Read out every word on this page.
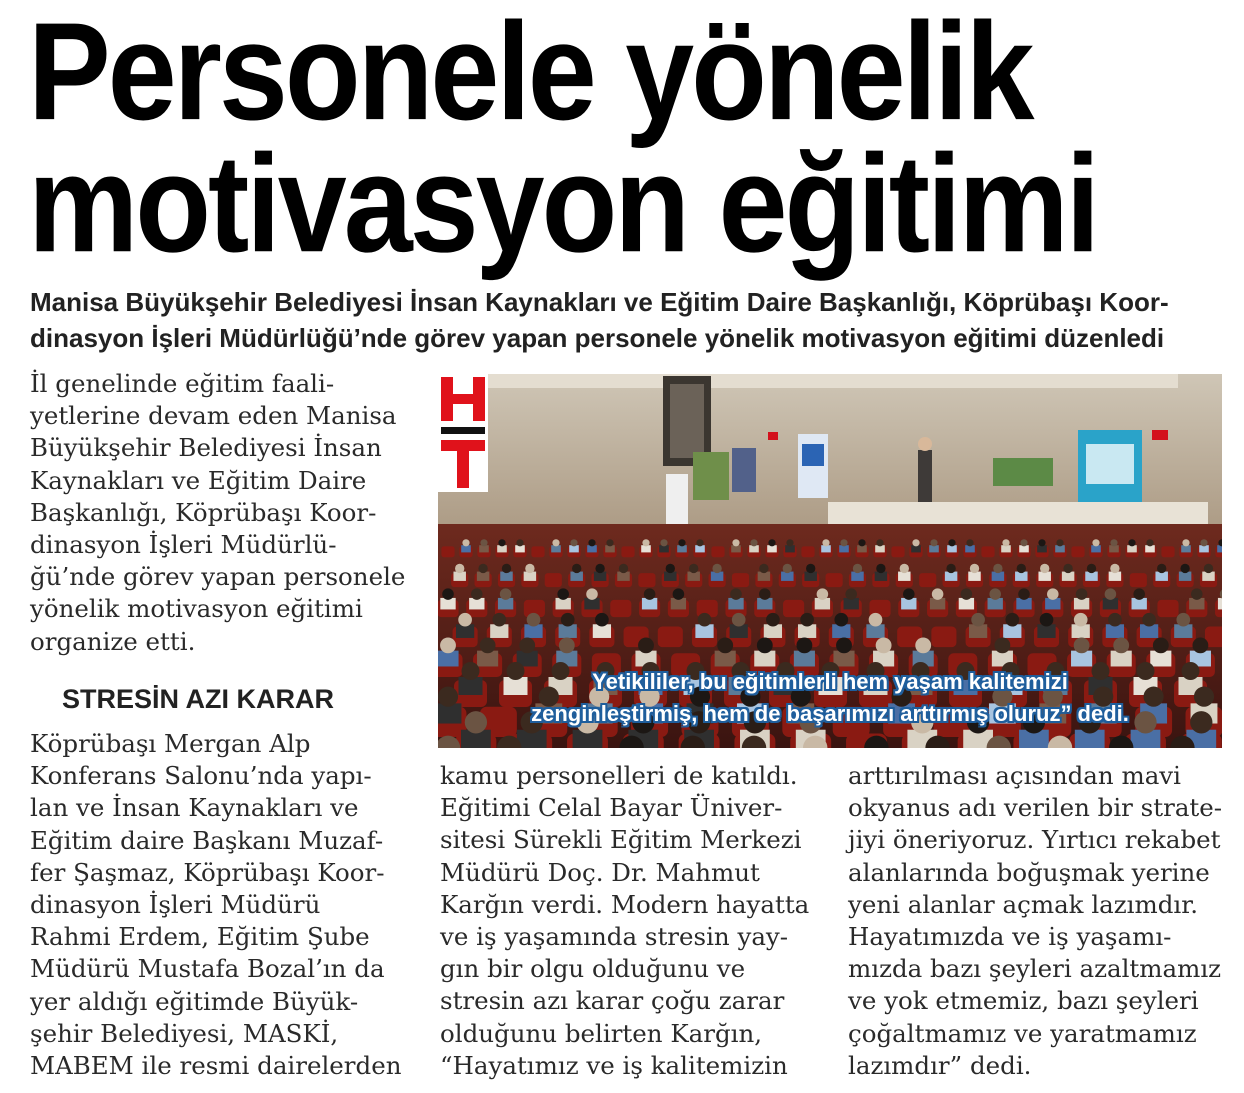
Personele yönelik
motivasyon eğitimi
Manisa Büyükşehir Belediyesi İnsan Kaynakları ve Eğitim Daire Başkanlığı, Köprübaşı Koor-
dinasyon İşleri Müdürlüğü’nde görev yapan personele yönelik motivasyon eğitimi düzenledi
İl genelinde eğitim faali-
yetlerine devam eden Manisa
Büyükşehir Belediyesi İnsan
Kaynakları ve Eğitim Daire
Başkanlığı, Köprübaşı Koor-
dinasyon İşleri Müdürlü-
ğü’nde görev yapan personele
yönelik motivasyon eğitimi
organize etti.
STRESİN AZI KARAR
Köprübaşı Mergan Alp
Konferans Salonu’nda yapı-
lan ve İnsan Kaynakları ve
Eğitim daire Başkanı Muzaf-
fer Şaşmaz, Köprübaşı Koor-
dinasyon İşleri Müdürü
Rahmi Erdem, Eğitim Şube
Müdürü Mustafa Bozal’ın da
yer aldığı eğitimde Büyük-
şehir Belediyesi, MASKİ,
MABEM ile resmi dairelerden
Yetikililer, bu eğitimlerli hem yaşam kalitemizi
zenginleştirmiş, hem de başarımızı arttırmış oluruz” dedi.
kamu personelleri de katıldı.
Eğitimi Celal Bayar Üniver-
sitesi Sürekli Eğitim Merkezi
Müdürü Doç. Dr. Mahmut
Karğın verdi. Modern hayatta
ve iş yaşamında stresin yay-
gın bir olgu olduğunu ve
stresin azı karar çoğu zarar
olduğunu belirten Karğın,
“Hayatımız ve iş kalitemizin
arttırılması açısından mavi
okyanus adı verilen bir strate-
jiyi öneriyoruz. Yırtıcı rekabet
alanlarında boğuşmak yerine
yeni alanlar açmak lazımdır.
Hayatımızda ve iş yaşamı-
mızda bazı şeyleri azaltmamız
ve yok etmemiz, bazı şeyleri
çoğaltmamız ve yaratmamız
lazımdır” dedi.
